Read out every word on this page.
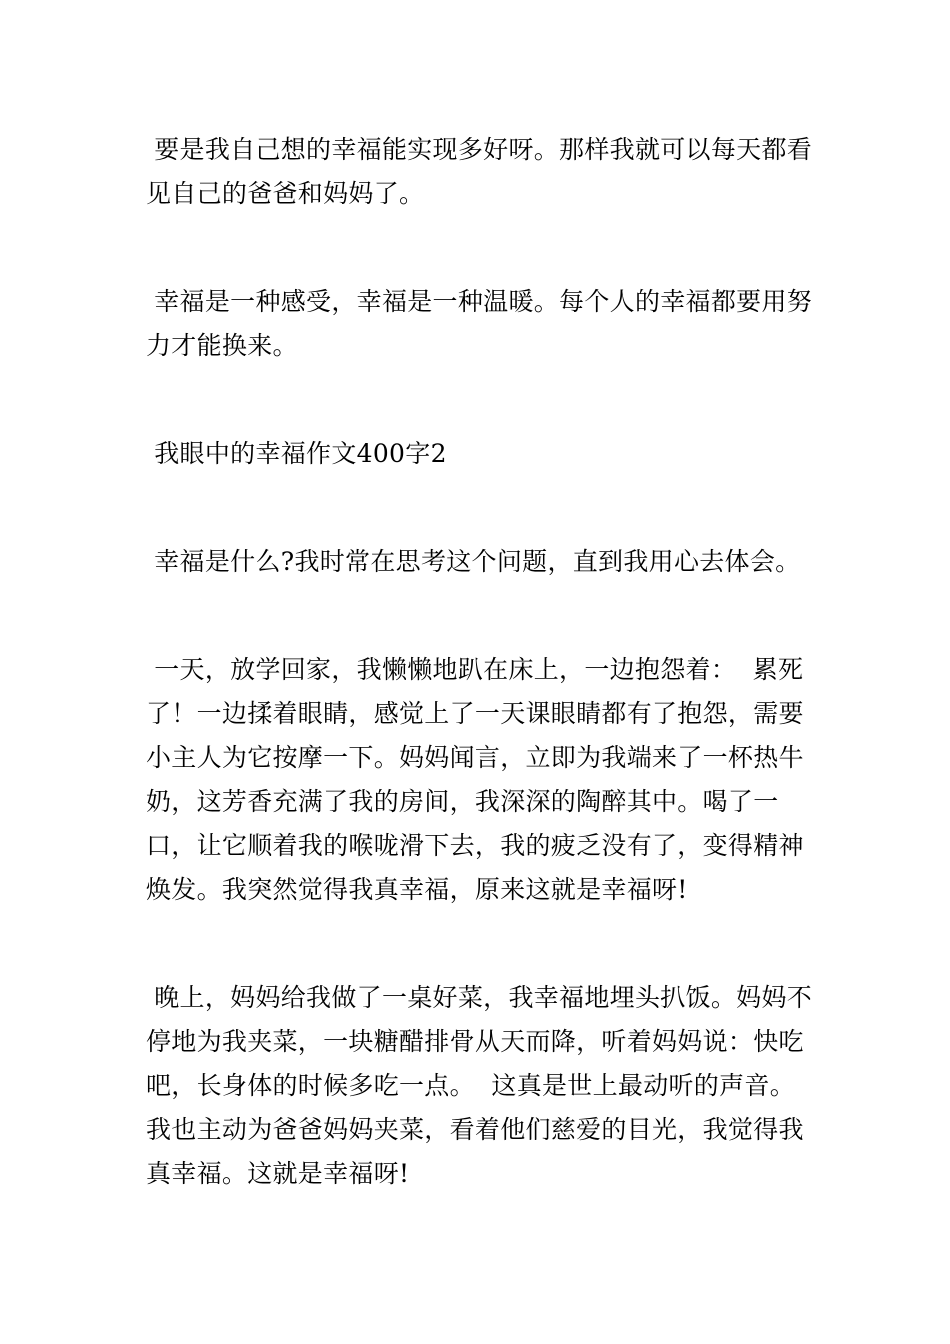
要是我自己想的幸福能实现多好呀。那样我就可以每天都看见自己的爸爸和妈妈了。

幸福是一种感受，幸福是一种温暖。每个人的幸福都要用努力才能换来。

我眼中的幸福作文400字2

幸福是什么?我时常在思考这个问题，直到我用心去体会。

一天，放学回家，我懒懒地趴在床上，一边抱怨着：  累死了！一边揉着眼睛，感觉上了一天课眼睛都有了抱怨，需要小主人为它按摩一下。妈妈闻言，立即为我端来了一杯热牛奶，这芳香充满了我的房间，我深深的陶醉其中。喝了一口，让它顺着我的喉咙滑下去，我的疲乏没有了，变得精神焕发。我突然觉得我真幸福，原来这就是幸福呀!

晚上，妈妈给我做了一桌好菜，我幸福地埋头扒饭。妈妈不停地为我夹菜，一块糖醋排骨从天而降，听着妈妈说：快吃吧，长身体的时候多吃一点。  这真是世上最动听的声音。我也主动为爸爸妈妈夹菜，看着他们慈爱的目光，我觉得我真幸福。这就是幸福呀!
